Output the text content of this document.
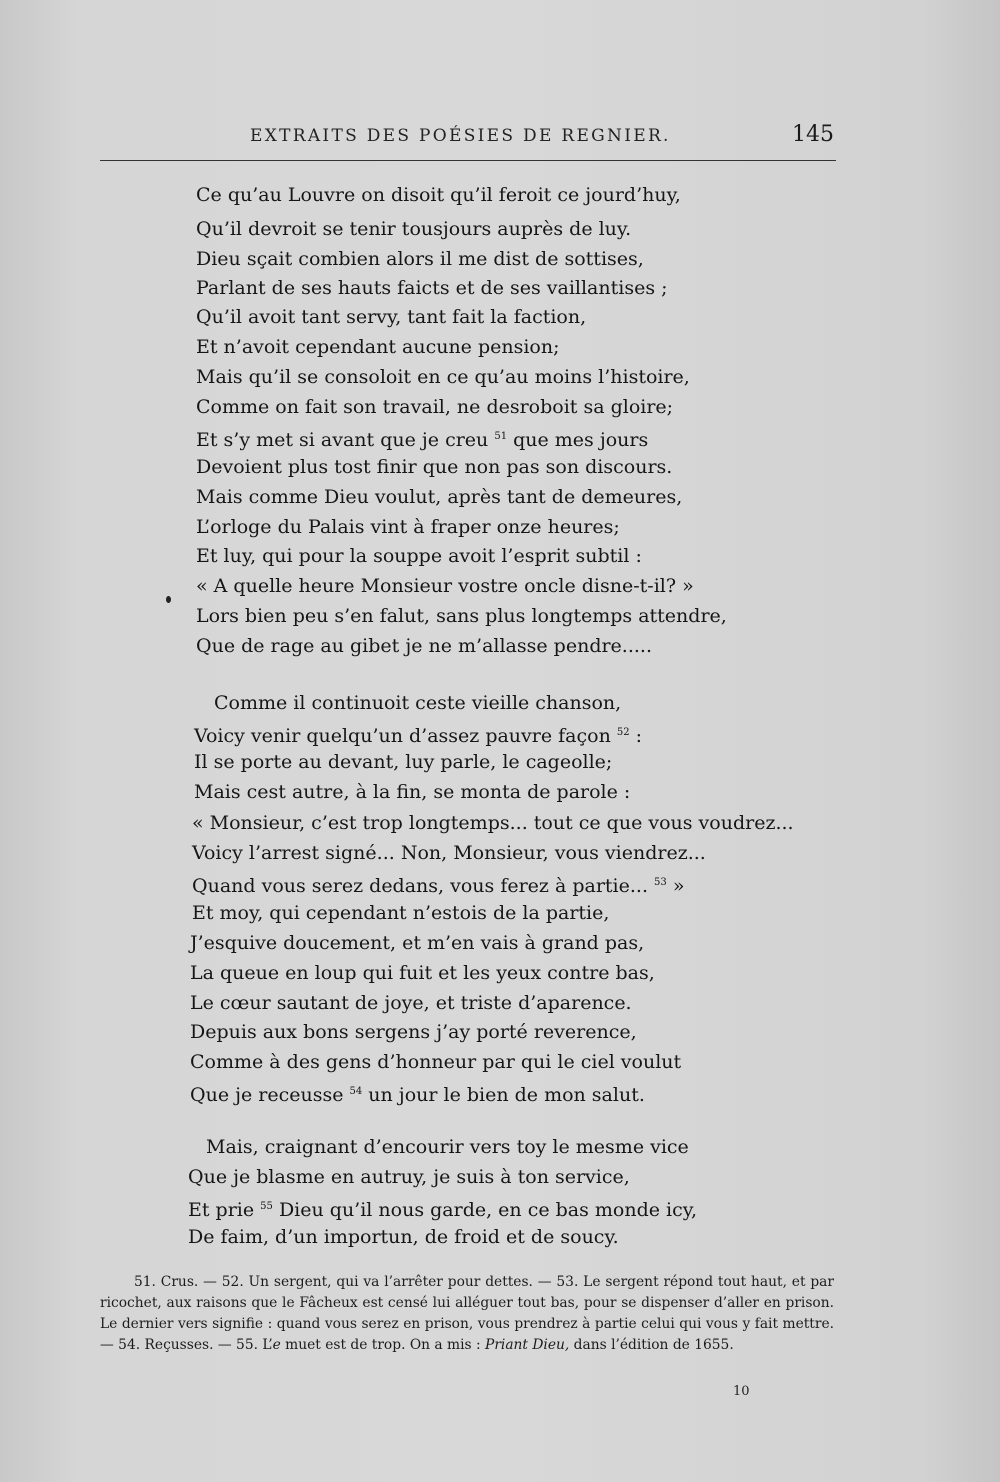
EXTRAITS DES POÉSIES DE REGNIER.	145
Ce qu’au Louvre on disoit qu’il feroit ce jourd’huy,
Qu’il devroit se tenir tousjours auprès de luy.
Dieu sçait combien alors il me dist de sottises,
Parlant de ses hauts faicts et de ses vaillantises ;
Qu’il avoit tant servy, tant fait la faction,
Et n’avoit cependant aucune pension;
Mais qu’il se consoloit en ce qu’au moins l’histoire,
Comme on fait son travail, ne desroboit sa gloire;
Et s’y met si avant que je creu $^{51}$ que mes jours
Devoient plus tost finir que non pas son discours.
Mais comme Dieu voulut, après tant de demeures,
L’orloge du Palais vint à fraper onze heures;
Et luy, qui pour la souppe avoit l’esprit subtil :
« A quelle heure Monsieur vostre oncle disne-t-il? »
Lors bien peu s’en falut, sans plus longtemps attendre,
Que de rage au gibet je ne m’allasse pendre.....
Comme il continuoit ceste vieille chanson,
Voicy venir quelqu’un d’assez pauvre façon $^{52}$ :
Il se porte au devant, luy parle, le cageolle;
Mais cest autre, à la fin, se monta de parole :
« Monsieur, c’est trop longtemps... tout ce que vous voudrez...
Voicy l’arrest signé... Non, Monsieur, vous viendrez...
Quand vous serez dedans, vous ferez à partie... $^{53}$ »
Et moy, qui cependant n’estois de la partie,
J’esquive doucement, et m’en vais à grand pas,
La queue en loup qui fuit et les yeux contre bas,
Le cœur sautant de joye, et triste d’aparence.
Depuis aux bons sergens j’ay porté reverence,
Comme à des gens d’honneur par qui le ciel voulut
Que je receusse $^{54}$ un jour le bien de mon salut.
Mais, craignant d’encourir vers toy le mesme vice
Que je blasme en autruy, je suis à ton service,
Et prie $^{55}$ Dieu qu’il nous garde, en ce bas monde icy,
De faim, d’un importun, de froid et de soucy.

51. Crus. — 52. Un sergent, qui va l’arrêter pour dettes. — 53. Le sergent répond tout haut, et par ricochet, aux raisons que le Fâcheux est censé lui alléguer tout bas, pour se dispenser d’aller en prison. Le dernier vers signifie : quand vous serez en prison, vous prendrez à partie celui qui vous y fait mettre. — 54. Reçusses. — 55. L’e muet est de trop. On a mis : Priant Dieu, dans l’édition de 1655.

10
